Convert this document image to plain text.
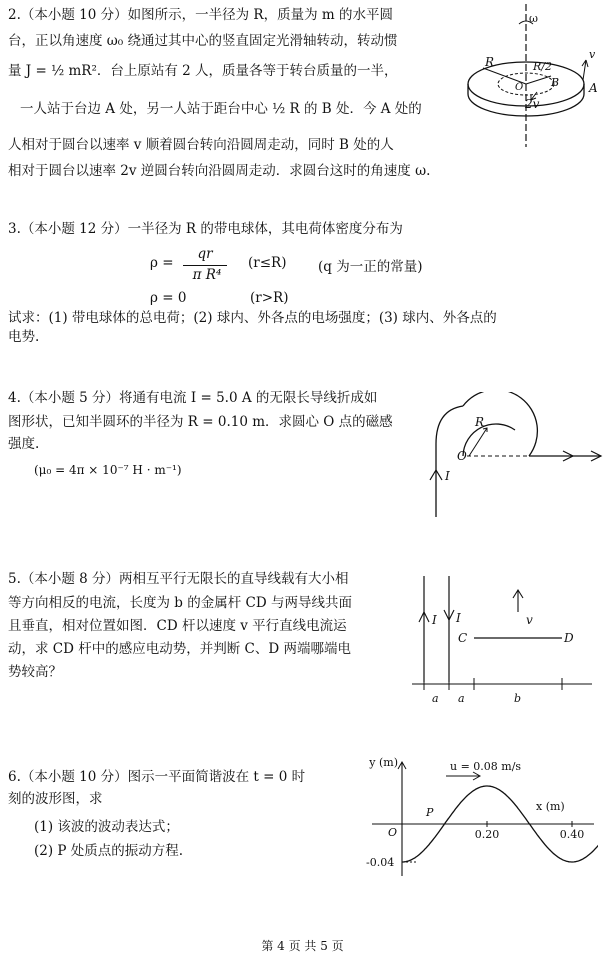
2.（本小题 10 分）如图所示，一半径为 R，质量为 m 的水平圆
台，正以角速度 ω₀ 绕通过其中心的竖直固定光滑轴转动，转动惯
量 J = ½ mR²．台上原站有 2 人，质量各等于转台质量的一半，
一人站于台边 A 处，另一人站于距台中心 ½ R 的 B 处．今 A 处的
人相对于圆台以速率 v 顺着圆台转向沿圆周走动，同时 B 处的人
相对于圆台以速率 2v 逆圆台转向沿圆周走动．求圆台这时的角速度 ω.
ω
R	R/2
B
O
2v
v
A
3.（本小题 12 分）一半径为 R 的带电球体，其电荷体密度分布为
ρ =
qr
π R⁴
(r≤R) (q 为一正的常量)
ρ = 0	(r>R)
试求：(1) 带电球体的总电荷；(2) 球内、外各点的电场强度；(3) 球内、外各点的
电势.
4.（本小题 5 分）将通有电流 I = 5.0 A 的无限长导线折成如
图形状，已知半圆环的半径为 R = 0.10 m．求圆心 O 点的磁感
强度.
(μ₀ = 4π × 10⁻⁷ H · m⁻¹)
R
O
I
5.（本小题 8 分）两相互平行无限长的直导线载有大小相
等方向相反的电流，长度为 b 的金属杆 CD 与两导线共面
且垂直，相对位置如图．CD 杆以速度 v 平行直线电流运
动，求 CD 杆中的感应电动势，并判断 C、D 两端哪端电
势较高？
I I
C	D
v
a a	b
6.（本小题 10 分）图示一平面简谐波在 t = 0 时
刻的波形图，求
(1) 该波的波动表达式；
(2) P 处质点的振动方程.
y (m)
x (m)
O	0.20	0.40
-0.04
u = 0.08 m/s
P
第 4 页 共 5 页
